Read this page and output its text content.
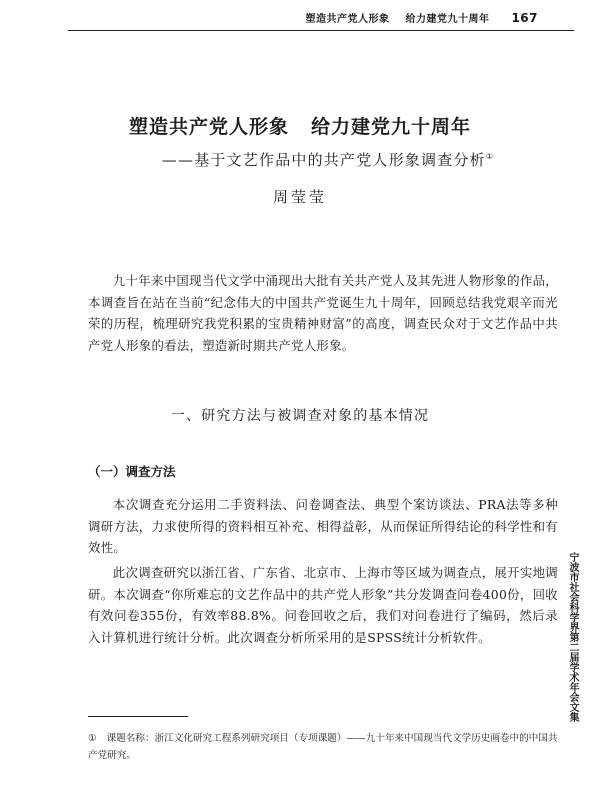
塑造共产党人形象 给力建党九十周年 167
塑造共产党人形象 给力建党九十周年
——基于文艺作品中的共产党人形象调查分析①
周莹莹

九十年来中国现当代文学中涌现出大批有关共产党人及其先进人物形象的作品，本调查旨在站在当前“纪念伟大的中国共产党诞生九十周年，回顾总结我党艰辛而光荣的历程，梳理研究我党积累的宝贵精神财富”的高度，调查民众对于文艺作品中共产党人形象的看法，塑造新时期共产党人形象。

一、研究方法与被调查对象的基本情况
（一）调查方法

本次调查充分运用二手资料法、问卷调查法、典型个案访谈法、PRA法等多种调研方法，力求使所得的资料相互补充、相得益彰，从而保证所得结论的科学性和有效性。

此次调查研究以浙江省、广东省、北京市、上海市等区域为调查点，展开实地调研。本次调查“你所难忘的文艺作品中的共产党人形象”共分发调查问卷400份，回收有效问卷355份，有效率88.8%。问卷回收之后，我们对问卷进行了编码，然后录入计算机进行统计分析。此次调查分析所采用的是SPSS统计分析软件。

① 课题名称：浙江文化研究工程系列研究项目（专项课题）——九十年来中国现当代文学历史画卷中的中国共产党研究。

宁波市社会科学界第二届学术年会文集
